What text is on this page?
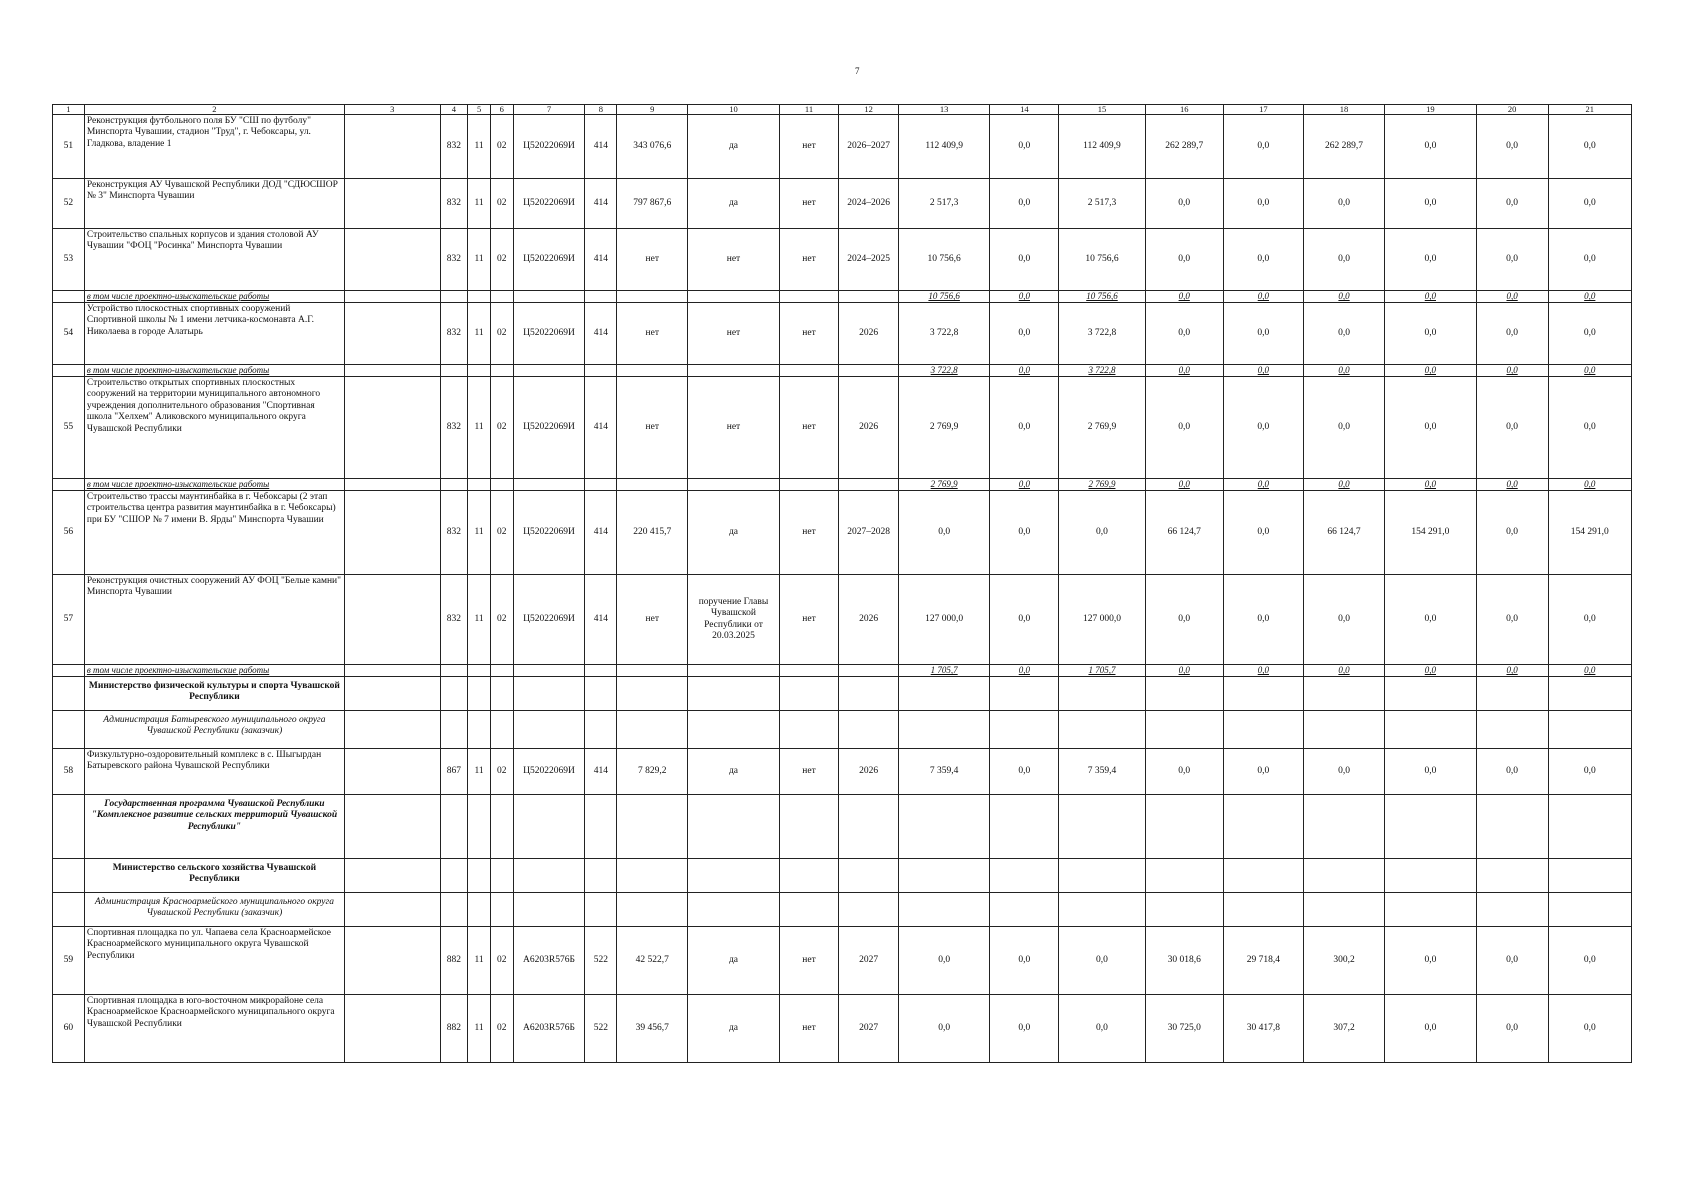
7
1	2	3	4	5	6	7	8	9	10	11	12	13	14	15	16	17	18	19	20	21
51	Реконструкция футбольного поля БУ "СШ по футболу" Минспорта Чувашии, стадион "Труд", г. Чебоксары, ул. Гладкова, владение 1		832	11	02	Ц52022069И	414	343 076,6	да	нет	2026–2027	112 409,9	0,0	112 409,9	262 289,7	0,0	262 289,7	0,0	0,0	0,0
52	Реконструкция АУ Чувашской Республики ДОД "СДЮСШОР № 3" Минспорта Чувашии		832	11	02	Ц52022069И	414	797 867,6	да	нет	2024–2026	2 517,3	0,0	2 517,3	0,0	0,0	0,0	0,0	0,0	0,0
53	Строительство спальных корпусов и здания столовой АУ Чувашии "ФОЦ "Росинка" Минспорта Чувашии		832	11	02	Ц52022069И	414	нет	нет	нет	2024–2025	10 756,6	0,0	10 756,6	0,0	0,0	0,0	0,0	0,0	0,0
	в том числе проектно-изыскательские работы											10 756,6	0,0	10 756,6	0,0	0,0	0,0	0,0	0,0	0,0
54	Устройство плоскостных спортивных сооружений Спортивной школы № 1 имени летчика-космонавта А.Г. Николаева в городе Алатырь		832	11	02	Ц52022069И	414	нет	нет	нет	2026	3 722,8	0,0	3 722,8	0,0	0,0	0,0	0,0	0,0	0,0
	в том числе проектно-изыскательские работы											3 722,8	0,0	3 722,8	0,0	0,0	0,0	0,0	0,0	0,0
55	Строительство открытых спортивных плоскостных сооружений на территории муниципального автономного учреждения дополнительного образования "Спортивная школа "Хелхем" Аликовского муниципального округа Чувашской Республики		832	11	02	Ц52022069И	414	нет	нет	нет	2026	2 769,9	0,0	2 769,9	0,0	0,0	0,0	0,0	0,0	0,0
	в том числе проектно-изыскательские работы											2 769,9	0,0	2 769,9	0,0	0,0	0,0	0,0	0,0	0,0
56	Строительство трассы маунтинбайка в г. Чебоксары (2 этап строительства центра развития маунтинбайка в г. Чебоксары) при БУ "СШОР № 7 имени В. Ярды" Минспорта Чувашии		832	11	02	Ц52022069И	414	220 415,7	да	нет	2027–2028	0,0	0,0	0,0	66 124,7	0,0	66 124,7	154 291,0	0,0	154 291,0
57	Реконструкция очистных сооружений АУ ФОЦ "Белые камни" Минспорта Чувашии		832	11	02	Ц52022069И	414	нет	поручение Главы Чувашской Республики от 20.03.2025	нет	2026	127 000,0	0,0	127 000,0	0,0	0,0	0,0	0,0	0,0	0,0
	в том числе проектно-изыскательские работы											1 705,7	0,0	1 705,7	0,0	0,0	0,0	0,0	0,0	0,0
	Министерство физической культуры и спорта Чувашской Республики																			
	Администрация Батыревского муниципального округа Чувашской Республики (заказчик)																			
58	Физкультурно-оздоровительный комплекс в с. Шыгырдан Батыревского района Чувашской Республики		867	11	02	Ц52022069И	414	7 829,2	да	нет	2026	7 359,4	0,0	7 359,4	0,0	0,0	0,0	0,0	0,0	0,0
	Государственная программа Чувашской Республики "Комплексное развитие сельских территорий Чувашской Республики"																			
	Министерство сельского хозяйства Чувашской Республики																			
	Администрация Красноармейского муниципального округа Чувашской Республики (заказчик)																			
59	Спортивная площадка по ул. Чапаева села Красноармейское Красноармейского муниципального округа Чувашской Республики		882	11	02	А6203R576Б	522	42 522,7	да	нет	2027	0,0	0,0	0,0	30 018,6	29 718,4	300,2	0,0	0,0	0,0
60	Спортивная площадка в юго-восточном микрорайоне села Красноармейское Красноармейского муниципального округа Чувашской Республики		882	11	02	А6203R576Б	522	39 456,7	да	нет	2027	0,0	0,0	0,0	30 725,0	30 417,8	307,2	0,0	0,0	0,0
